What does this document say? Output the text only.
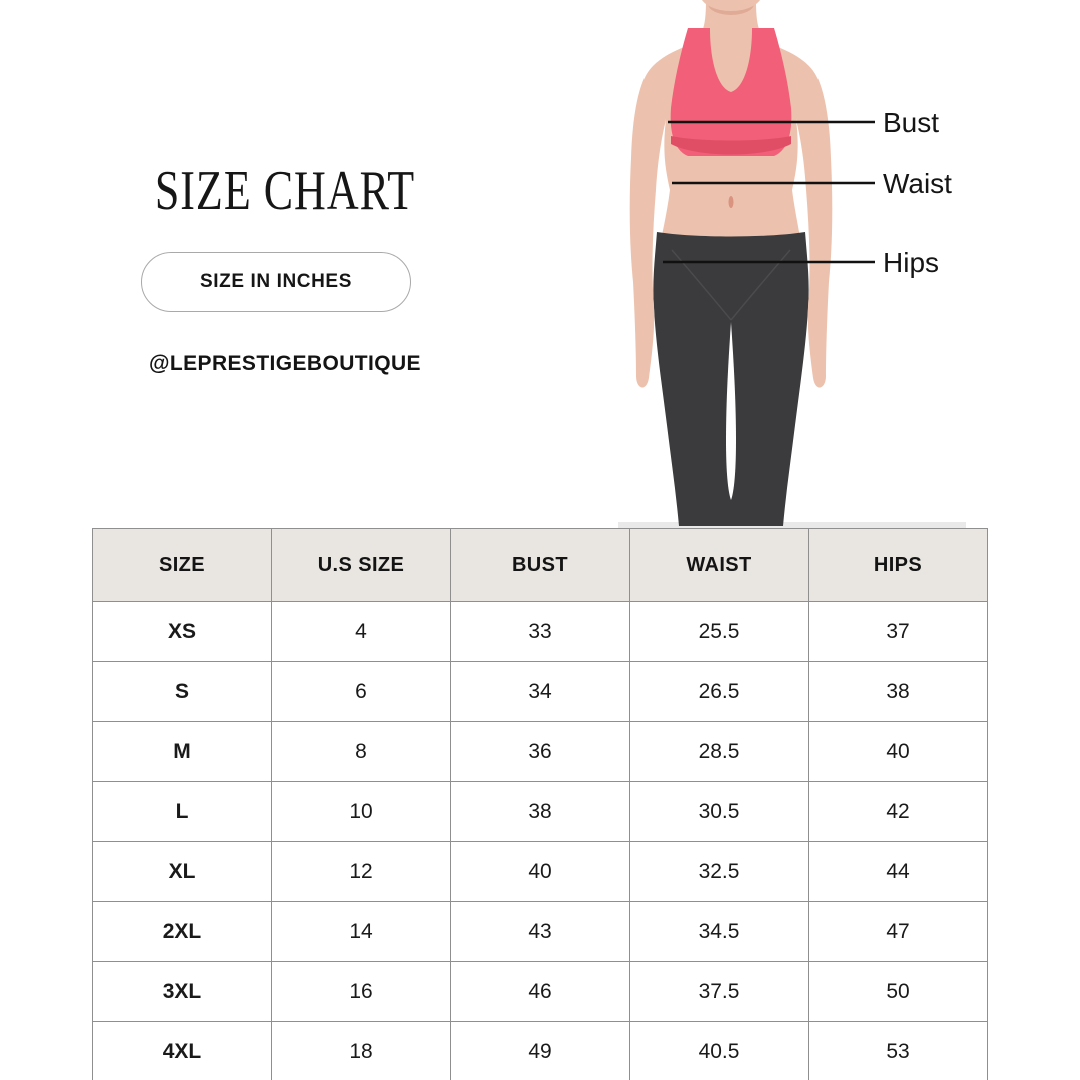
SIZE CHART
SIZE IN INCHES
@LEPRESTIGEBOUTIQUE
Bust
Waist
Hips
SIZE	U.S SIZE	BUST	WAIST	HIPS
XS	4	33	25.5	37
S	6	34	26.5	38
M	8	36	28.5	40
L	10	38	30.5	42
XL	12	40	32.5	44
2XL	14	43	34.5	47
3XL	16	46	37.5	50
4XL	18	49	40.5	53
